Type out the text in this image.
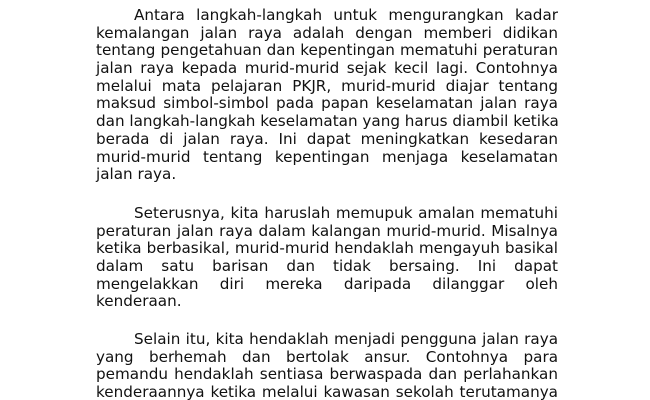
Antara langkah-langkah untuk mengurangkan kadar
kemalangan jalan raya adalah dengan memberi didikan
tentang pengetahuan dan kepentingan mematuhi peraturan
jalan raya kepada murid-murid sejak kecil lagi. Contohnya
melalui mata pelajaran PKJR, murid-murid diajar tentang
maksud simbol-simbol pada papan keselamatan jalan raya
dan langkah-langkah keselamatan yang harus diambil ketika
berada di jalan raya. Ini dapat meningkatkan kesedaran
murid-murid tentang kepentingan menjaga keselamatan
jalan raya.
Seterusnya, kita haruslah memupuk amalan mematuhi
peraturan jalan raya dalam kalangan murid-murid. Misalnya
ketika berbasikal, murid-murid hendaklah mengayuh basikal
dalam satu barisan dan tidak bersaing. Ini dapat
mengelakkan diri mereka daripada dilanggar oleh
kenderaan.
Selain itu, kita hendaklah menjadi pengguna jalan raya
yang berhemah dan bertolak ansur. Contohnya para
pemandu hendaklah sentiasa berwaspada dan perlahankan
kenderaannya ketika melalui kawasan sekolah terutamanya
